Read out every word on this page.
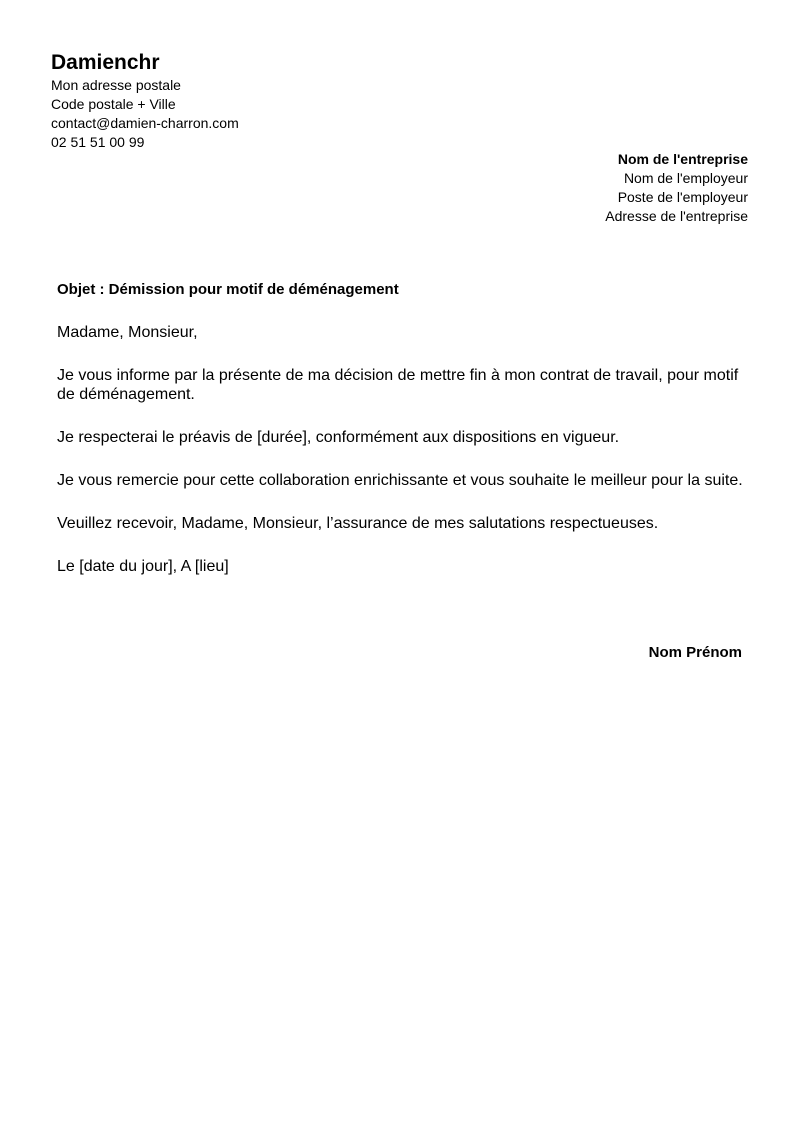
Damienchr
Mon adresse postale
Code postale + Ville
contact@damien-charron.com
02 51 51 00 99
Nom de l'entreprise
Nom de l'employeur
Poste de l'employeur
Adresse de l'entreprise

Objet : Démission pour motif de déménagement

Madame, Monsieur,

Je vous informe par la présente de ma décision de mettre fin à mon contrat de travail, pour motif de déménagement.

Je respecterai le préavis de [durée], conformément aux dispositions en vigueur.

Je vous remercie pour cette collaboration enrichissante et vous souhaite le meilleur pour la suite.

Veuillez recevoir, Madame, Monsieur, l’assurance de mes salutations respectueuses.

Le [date du jour], A [lieu]

Nom Prénom
